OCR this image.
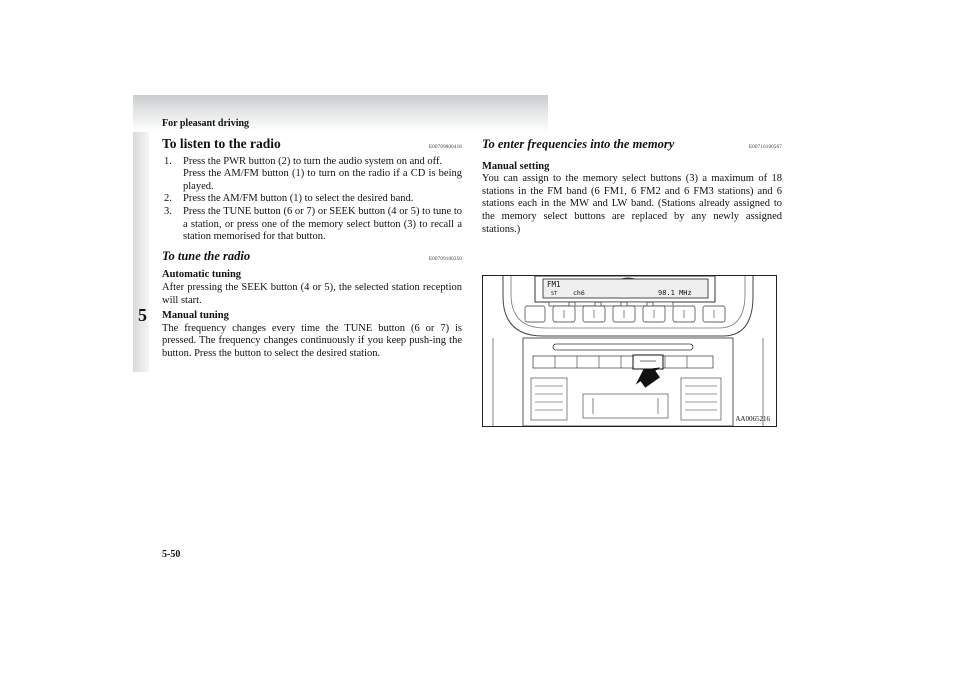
For pleasant driving
5
5-50
To listen to the radio	E00709000418
1.	Press the PWR button (2) to turn the audio system on and off.
Press the AM/FM button (1) to turn on the radio if a CD is being played.
2.	Press the AM/FM button (1) to select the desired band.
3.	Press the TUNE button (6 or 7) or SEEK button (4 or 5) to tune to a station, or press one of the memory select button (3) to recall a station memorised for that button.
To tune the radio	E00709100350
Automatic tuning
After pressing the SEEK button (4 or 5), the selected station reception will start.
Manual tuning
The frequency changes every time the TUNE button (6 or 7) is pressed. The frequency changes continuously if you keep push-ing the button. Press the button to select the desired station.
To enter frequencies into the memory	E00716100567
Manual setting
You can assign to the memory select buttons (3) a maximum of 18 stations in the FM band (6 FM1, 6 FM2 and 6 FM3 stations) and 6 stations each in the MW and LW band. (Stations already assigned to the memory select buttons are replaced by any newly assigned stations.)
FM1
ST ch6	98.1 MHz
AA0065216
